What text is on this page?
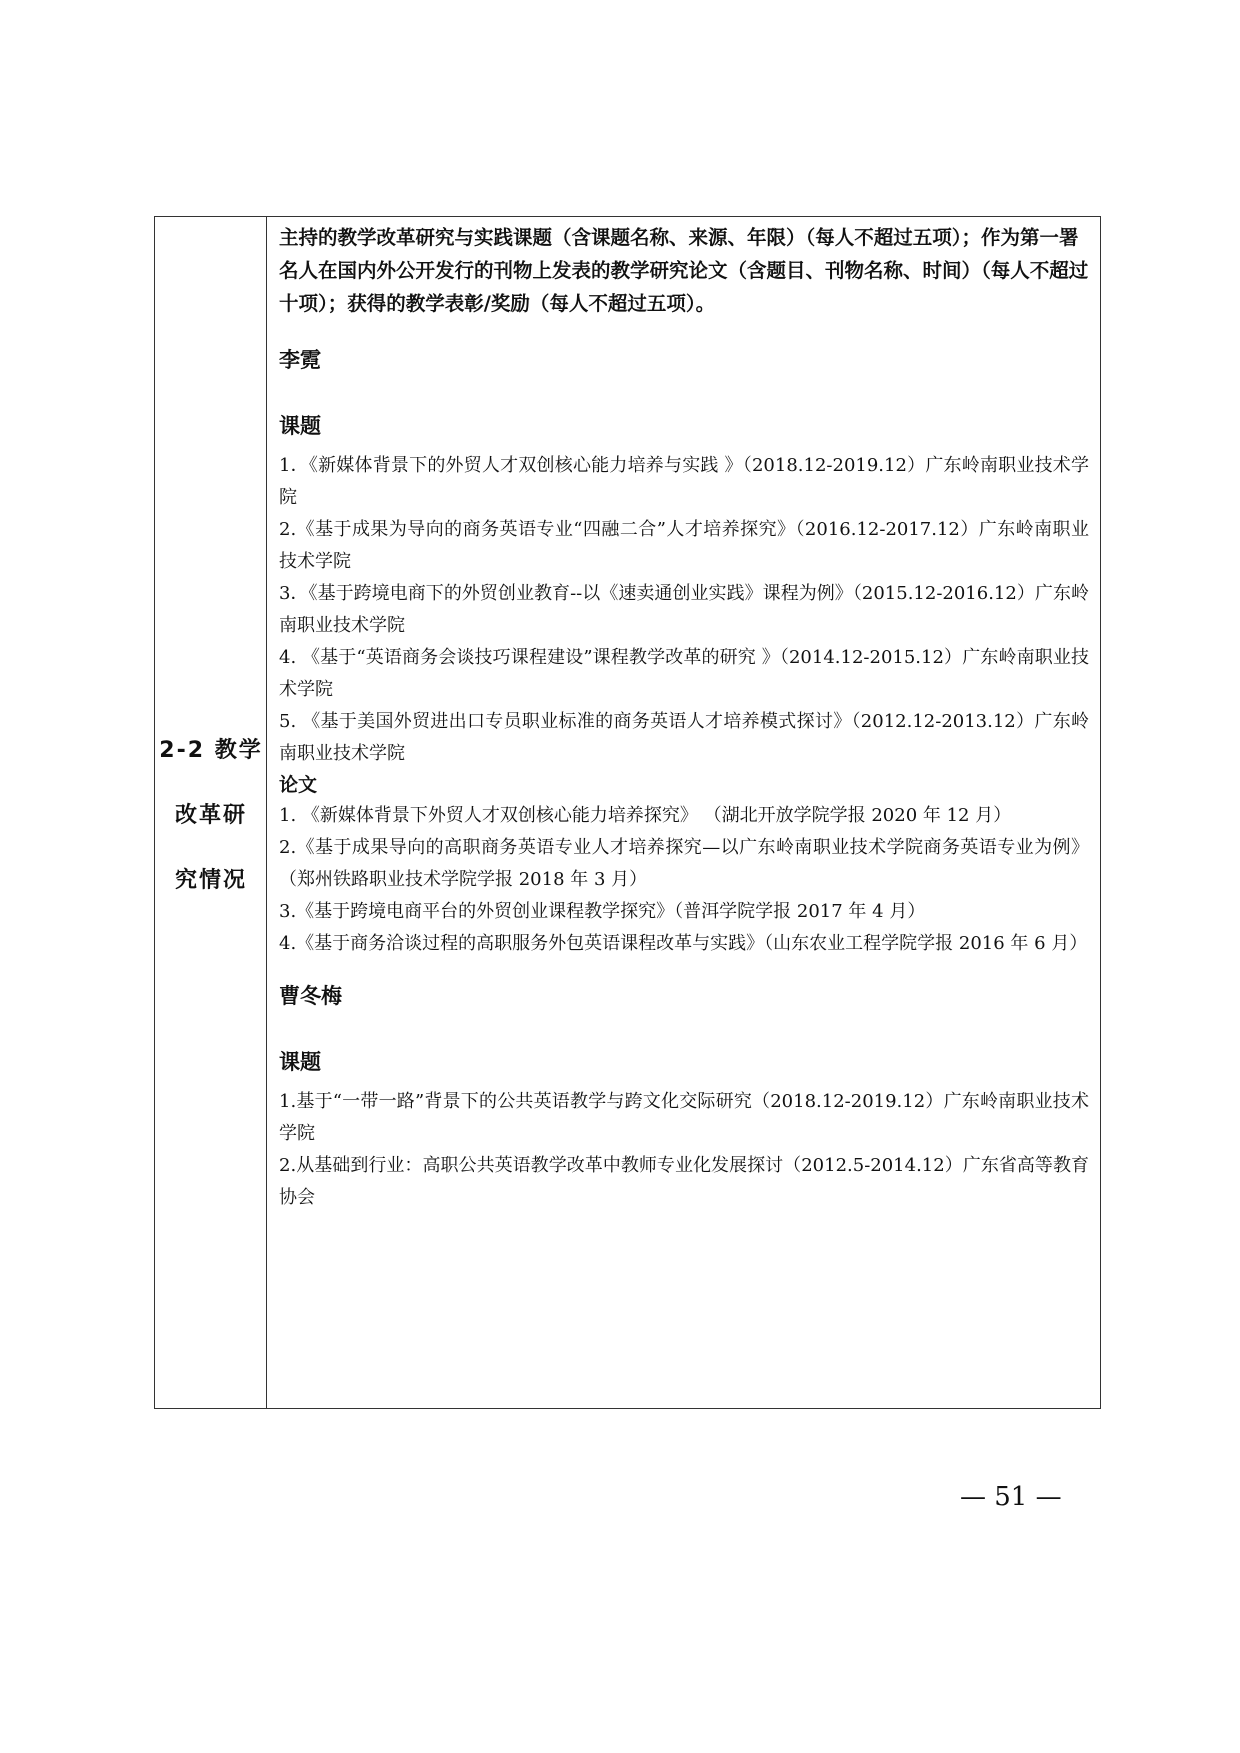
2-2 教学
改革研
究情况

主持的教学改革研究与实践课题（含课题名称、来源、年限）（每人不超过五项）；作为第一署名人在国内外公开发行的刊物上发表的教学研究论文（含题目、刊物名称、时间）（每人不超过十项）；获得的教学表彰/奖励（每人不超过五项）。

李霓
课题

1．《新媒体背景下的外贸人才双创核心能力培养与实践 》（2018.12-2019.12）广东岭南职业技术学院

2.《基于成果为导向的商务英语专业“四融二合”人才培养探究》（2016.12-2017.12）广东岭南职业技术学院

3．《基于跨境电商下的外贸创业教育--以《速卖通创业实践》课程为例》（2015.12-2016.12）广东岭南职业技术学院

4. 《基于“英语商务会谈技巧课程建设”课程教学改革的研究 》（2014.12-2015.12）广东岭南职业技术学院

5. 《基于美国外贸进出口专员职业标准的商务英语人才培养模式探讨》（2012.12-2013.12）广东岭南职业技术学院

论文

1. 《新媒体背景下外贸人才双创核心能力培养探究》 （湖北开放学院学报 2020 年 12 月）

2.《基于成果导向的高职商务英语专业人才培养探究—以广东岭南职业技术学院商务英语专业为例》（郑州铁路职业技术学院学报 2018 年 3 月）

3.《基于跨境电商平台的外贸创业课程教学探究》（普洱学院学报 2017 年 4 月）

4.《基于商务洽谈过程的高职服务外包英语课程改革与实践》（山东农业工程学院学报 2016 年 6 月）

曹冬梅
课题

1.基于“一带一路”背景下的公共英语教学与跨文化交际研究（2018.12-2019.12）广东岭南职业技术学院

2.从基础到行业：高职公共英语教学改革中教师专业化发展探讨（2012.5-2014.12）广东省高等教育协会

— 51 —
